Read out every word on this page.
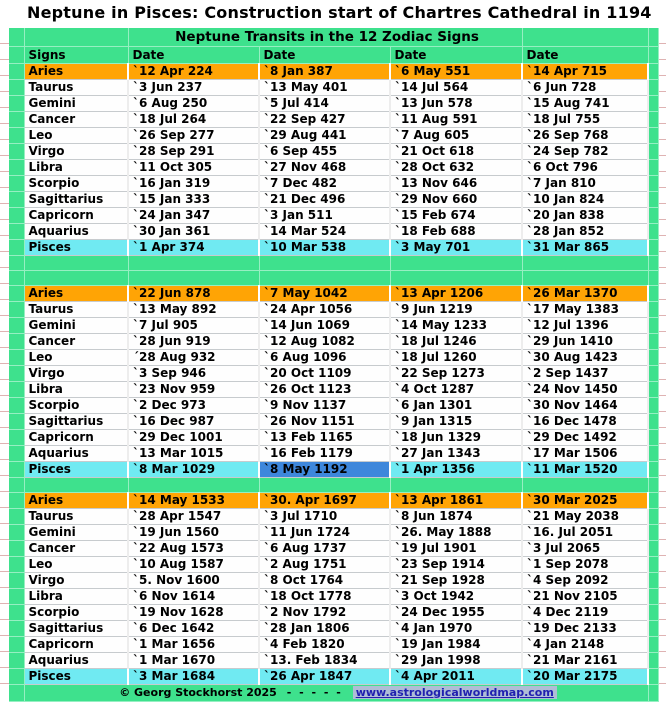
Neptune in Pisces: Construction start of Chartres Cathedral in 1194
		Neptune Transits in the 12 Zodiac Signs				
	Signs	Date	Date	Date	Date	
	Aries	`12 Apr 224	`8 Jan 387	`6 May 551	`14 Apr 715	
	Taurus	`3 Jun 237	`13 May 401	`14 Jul 564	`6 Jun 728	
	Gemini	`6 Aug 250	`5 Jul 414	`13 Jun 578	`15 Aug 741	
	Cancer	`18 Jul 264	`22 Sep 427	`11 Aug 591	`18 Jul 755	
	Leo	`26 Sep 277	`29 Aug 441	`7 Aug 605	`26 Sep 768	
	Virgo	`28 Sep 291	`6 Sep 455	`21 Oct 618	`24 Sep 782	
	Libra	`11 Oct 305	`27 Nov 468	`28 Oct 632	`6 Oct 796	
	Scorpio	`16 Jan 319	`7 Dec 482	`13 Nov 646	`7 Jan 810	
	Sagittarius	`15 Jan 333	`21 Dec 496	`29 Nov 660	`10 Jan 824	
	Capricorn	`24 Jan 347	`3 Jan 511	`15 Feb 674	`20 Jan 838	
	Aquarius	`30 Jan 361	`14 Mar 524	`18 Feb 688	`28 Jan 852	
	Pisces	`1 Apr 374	`10 Mar 538	`3 May 701	`31 Mar 865	

	Aries	`22 Jun 878	`7 May 1042	`13 Apr 1206	`26 Mar 1370	
	Taurus	`13 May 892	`24 Apr 1056	`9 Jun 1219	`17 May 1383	
	Gemini	`7 Jul 905	`14 Jun 1069	`14 May 1233	`12 Jul 1396	
	Cancer	`28 Jun 919	`12 Aug 1082	`18 Jul 1246	`29 Jun 1410	
	Leo	´28 Aug 932	`6 Aug 1096	`18 Jul 1260	`30 Aug 1423	
	Virgo	`3 Sep 946	`20 Oct 1109	`22 Sep 1273	`2 Sep 1437	
	Libra	`23 Nov 959	`26 Oct 1123	`4 Oct 1287	`24 Nov 1450	
	Scorpio	`2 Dec 973	`9 Nov 1137	`6 Jan 1301	`30 Nov 1464	
	Sagittarius	`16 Dec 987	`26 Nov 1151	`9 Jan 1315	`16 Dec 1478	
	Capricorn	`29 Dec 1001	`13 Feb 1165	`18 Jun 1329	`29 Dec 1492	
	Aquarius	`13 Mar 1015	`16 Feb 1179	`27 Jan 1343	`17 Mar 1506	
	Pisces	`8 Mar 1029	`8 May 1192	`1 Apr 1356	`11 Mar 1520	

	Aries	`14 May 1533	`30. Apr 1697	`13 Apr 1861	`30 Mar 2025	
	Taurus	`28 Apr 1547	`3 Jul 1710	`8 Jun 1874	`21 May 2038	
	Gemini	`19 Jun 1560	`11 Jun 1724	`26. May 1888	`16. Jul 2051	
	Cancer	`22 Aug 1573	`6 Aug 1737	`19 Jul 1901	`3 Jul 2065	
	Leo	`10 Aug 1587	`2 Aug 1751	`23 Sep 1914	`1 Sep 2078	
	Virgo	`5. Nov 1600	`8 Oct 1764	`21 Sep 1928	`4 Sep 2092	
	Libra	`6 Nov 1614	`18 Oct 1778	`3 Oct 1942	`21 Nov 2105	
	Scorpio	`19 Nov 1628	`2 Nov 1792	`24 Dec 1955	`4 Dec 2119	
	Sagittarius	`6 Dec 1642	`28 Jan 1806	`4 Jan 1970	`19 Dec 2133	
	Capricorn	`1 Mar 1656	`4 Feb 1820	`19 Jan 1984	`4 Jan 2148	
	Aquarius	`1 Mar 1670	`13. Feb 1834	`29 Jan 1998	`21 Mar 2161	
	Pisces	`3 Mar 1684	`26 Apr 1847	`4 Apr 2011	`20 Mar 2175	
	© Georg Stockhorst 2025 - - - - - www.astrologicalworldmap.com					
